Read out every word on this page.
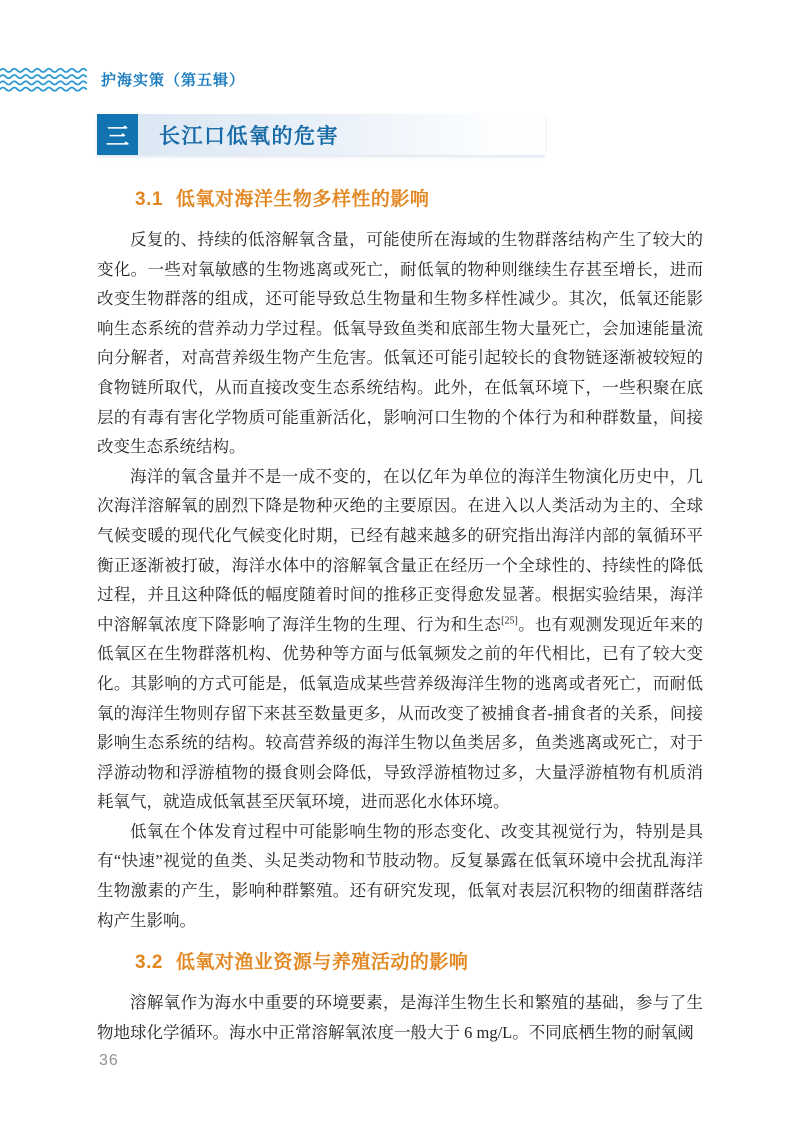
护海实策（第五辑）
三	长江口低氧的危害
3.1 低氧对海洋生物多样性的影响

反复的、持续的低溶解氧含量，可能使所在海域的生物群落结构产生了较大的变化。一些对氧敏感的生物逃离或死亡，耐低氧的物种则继续生存甚至增长，进而改变生物群落的组成，还可能导致总生物量和生物多样性减少。其次，低氧还能影响生态系统的营养动力学过程。低氧导致鱼类和底部生物大量死亡，会加速能量流向分解者，对高营养级生物产生危害。低氧还可能引起较长的食物链逐渐被较短的食物链所取代，从而直接改变生态系统结构。此外，在低氧环境下，一些积聚在底层的有毒有害化学物质可能重新活化，影响河口生物的个体行为和种群数量，间接改变生态系统结构。

海洋的氧含量并不是一成不变的，在以亿年为单位的海洋生物演化历史中，几次海洋溶解氧的剧烈下降是物种灭绝的主要原因。在进入以人类活动为主的、全球气候变暖的现代化气候变化时期，已经有越来越多的研究指出海洋内部的氧循环平衡正逐渐被打破，海洋水体中的溶解氧含量正在经历一个全球性的、持续性的降低过程，并且这种降低的幅度随着时间的推移正变得愈发显著。根据实验结果，海洋中溶解氧浓度下降影响了海洋生物的生理、行为和生态[25]。也有观测发现近年来的低氧区在生物群落机构、优势种等方面与低氧频发之前的年代相比，已有了较大变化。其影响的方式可能是，低氧造成某些营养级海洋生物的逃离或者死亡，而耐低氧的海洋生物则存留下来甚至数量更多，从而改变了被捕食者-捕食者的关系，间接影响生态系统的结构。较高营养级的海洋生物以鱼类居多，鱼类逃离或死亡，对于浮游动物和浮游植物的摄食则会降低，导致浮游植物过多，大量浮游植物有机质消耗氧气，就造成低氧甚至厌氧环境，进而恶化水体环境。

低氧在个体发育过程中可能影响生物的形态变化、改变其视觉行为，特别是具有“快速”视觉的鱼类、头足类动物和节肢动物。反复暴露在低氧环境中会扰乱海洋生物激素的产生，影响种群繁殖。还有研究发现，低氧对表层沉积物的细菌群落结构产生影响。

3.2 低氧对渔业资源与养殖活动的影响

溶解氧作为海水中重要的环境要素，是海洋生物生长和繁殖的基础，参与了生物地球化学循环。海水中正常溶解氧浓度一般大于 6 mg/L。不同底栖生物的耐氧阈

36
